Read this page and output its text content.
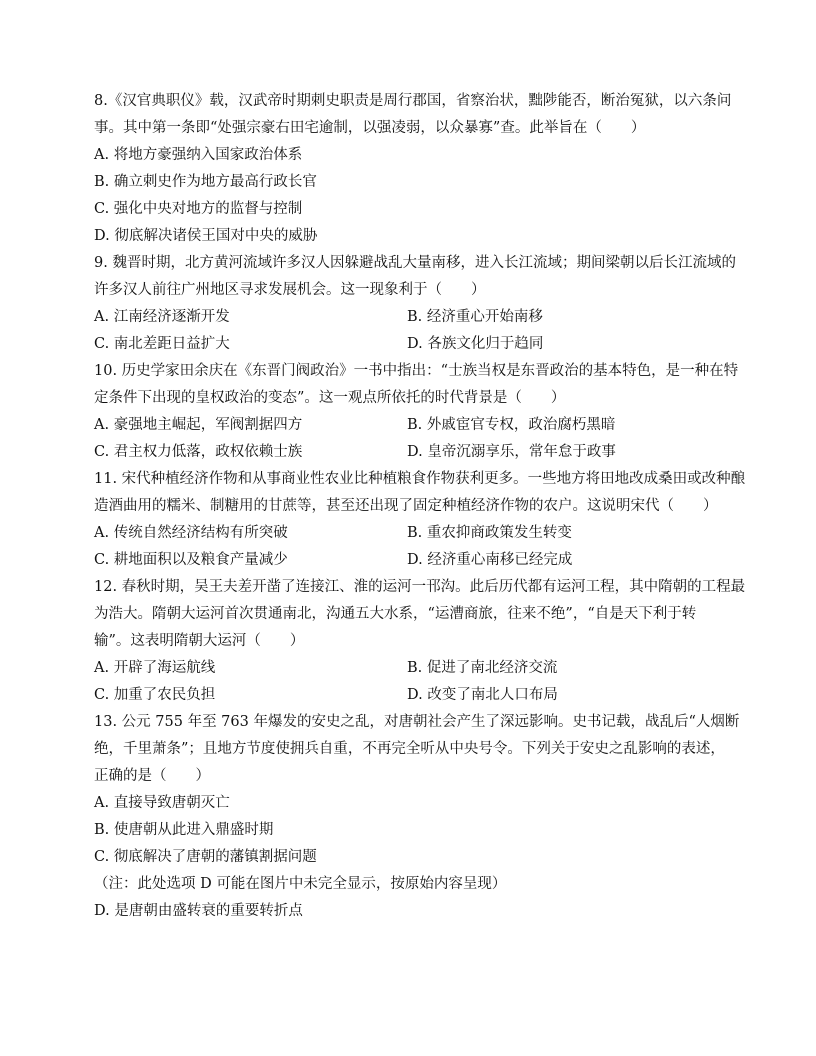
8.《汉官典职仪》载，汉武帝时期刺史职责是周行郡国，省察治状，黜陟能否，断治冤狱，以六条问
事。其中第一条即“处强宗豪右田宅逾制，以强凌弱，以众暴寡”查。此举旨在（　　）
A. 将地方豪强纳入国家政治体系
B. 确立刺史作为地方最高行政长官
C. 强化中央对地方的监督与控制
D. 彻底解决诸侯王国对中央的威胁
9. 魏晋时期，北方黄河流域许多汉人因躲避战乱大量南移，进入长江流域；期间梁朝以后长江流域的
许多汉人前往广州地区寻求发展机会。这一现象利于（　　）
A. 江南经济逐渐开发	B. 经济重心开始南移
C. 南北差距日益扩大	D. 各族文化归于趋同
10. 历史学家田余庆在《东晋门阀政治》一书中指出：“士族当权是东晋政治的基本特色，是一种在特
定条件下出现的皇权政治的变态”。这一观点所依托的时代背景是（　　）
A. 豪强地主崛起，军阀割据四方	B. 外戚宦官专权，政治腐朽黑暗
C. 君主权力低落，政权依赖士族	D. 皇帝沉溺享乐，常年怠于政事
11. 宋代种植经济作物和从事商业性农业比种植粮食作物获利更多。一些地方将田地改成桑田或改种酿
造酒曲用的糯米、制糖用的甘蔗等，甚至还出现了固定种植经济作物的农户。这说明宋代（　　）
A. 传统自然经济结构有所突破	B. 重农抑商政策发生转变
C. 耕地面积以及粮食产量减少	D. 经济重心南移已经完成
12. 春秋时期，吴王夫差开凿了连接江、淮的运河一邗沟。此后历代都有运河工程，其中隋朝的工程最
为浩大。隋朝大运河首次贯通南北，沟通五大水系，“运漕商旅，往来不绝”，“自是天下利于转
输”。这表明隋朝大运河（　　）
A. 开辟了海运航线	B. 促进了南北经济交流
C. 加重了农民负担	D. 改变了南北人口布局
13. 公元 755 年至 763 年爆发的安史之乱，对唐朝社会产生了深远影响。史书记载，战乱后“人烟断
绝，千里萧条”；且地方节度使拥兵自重，不再完全听从中央号令。下列关于安史之乱影响的表述，
正确的是（　　）
A. 直接导致唐朝灭亡
B. 使唐朝从此进入鼎盛时期
C. 彻底解决了唐朝的藩镇割据问题
（注：此处选项 D 可能在图片中未完全显示，按原始内容呈现）
D. 是唐朝由盛转衰的重要转折点
